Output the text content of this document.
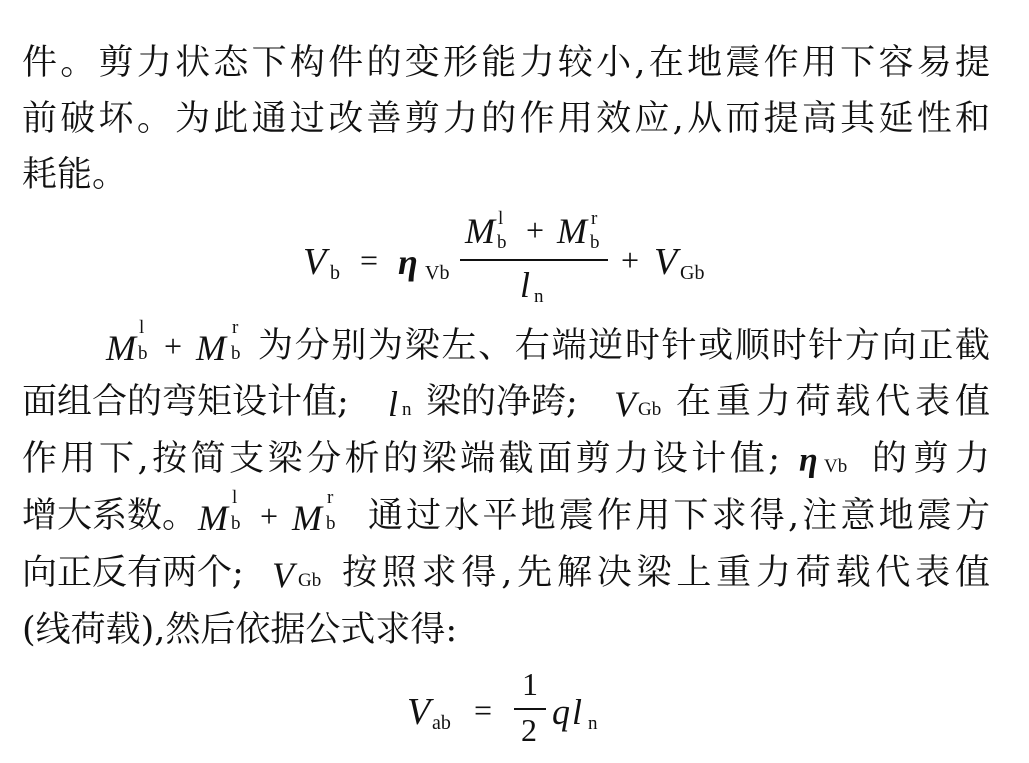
件。剪力状态下构件的变形能力较小,在地震作用下容易提
前破坏。为此通过改善剪力的作用效应,从而提高其延性和
耗能。
V b = η Vb
M l
b + M r
b
l n
+ V Gb
M
l
b + M
r
b 为分别为梁左、右端逆时针或顺时针方向正截
面组合的弯矩设计值; l n 梁的净跨; V Gb 在重力荷载代表值
作用下,按简支梁分析的梁端截面剪力设计值; η Vb 的剪力
增大系数。 M
l
b + M
r
b 通过水平地震作用下求得,注意地震方
向正反有两个; V Gb 按照求得,先解决梁上重力荷载代表值
(线荷载),然后依据公式求得:
V ab =
1
2 q l n
